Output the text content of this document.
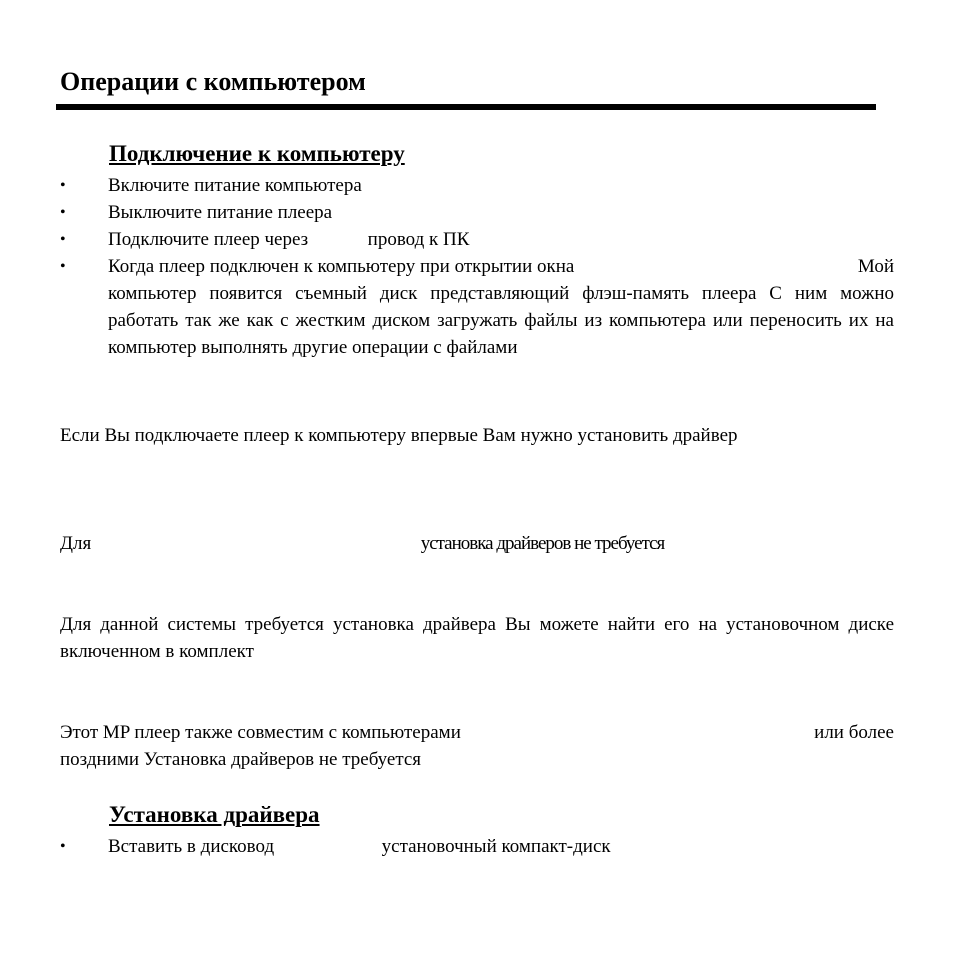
Операции с компьютером
Подключение к компьютеру
•	Включите питание компьютера
•	Выключите питание плеера
•	Подключите плеер через	провод к ПК
•	Когда плеер подключен к компьютеру при открытии окна	Мой
компьютер появится съемный диск представляющий флэш-память плеера С ним можно работать так же как с жестким диском загружать файлы из компьютера или переносить их на компьютер выполнять другие операции с файлами

Если Вы подключаете плеер к компьютеру впервые Вам нужно установить драйвер

Для	установка драйверов не требуется

Для данной системы требуется установка драйвера Вы можете найти его на установочном диске включенном в комплект

Этот MP плеер также совместим с компьютерами	или более
поздними Установка драйверов не требуется
Установка драйвера
•	Вставить в дисковод	установочный компакт-диск
